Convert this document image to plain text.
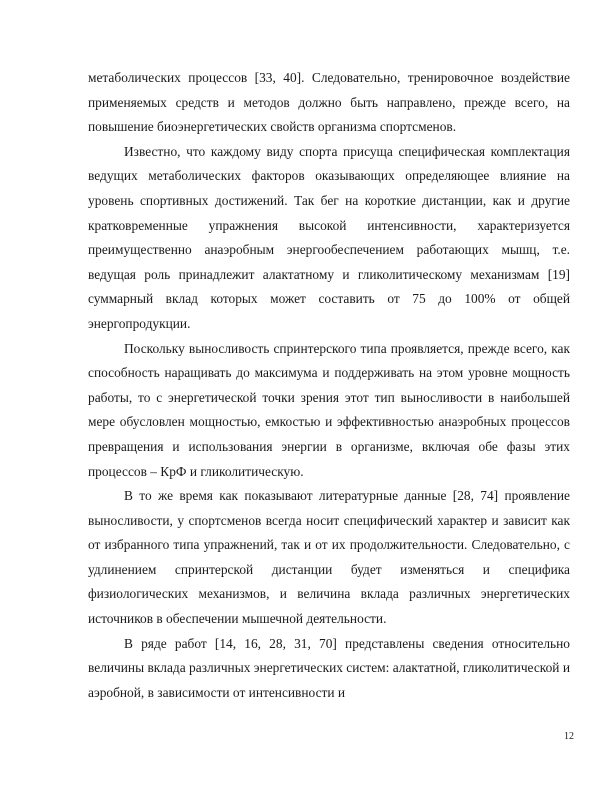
метаболических процессов [33, 40]. Следовательно, тренировочное воздействие применяемых средств и методов должно быть направлено, прежде всего, на повышение биоэнергетических свойств организма спортсменов.

Известно, что каждому виду спорта присуща специфическая комплектация ведущих метаболических факторов оказывающих определяющее влияние на уровень спортивных достижений. Так бег на короткие дистанции, как и другие кратковременные упражнения высокой интенсивности, характеризуется преимущественно анаэробным энергообеспечением работающих мышц, т.е. ведущая роль принадлежит алактатному и гликолитическому механизмам [19] суммарный вклад которых может составить от 75 до 100% от общей энергопродукции.

Поскольку выносливость спринтерского типа проявляется, прежде всего, как способность наращивать до максимума и поддерживать на этом уровне мощность работы, то с энергетической точки зрения этот тип выносливости в наибольшей мере обусловлен мощностью, емкостью и эффективностью анаэробных процессов превращения и использования энергии в организме, включая обе фазы этих процессов – КрФ и гликолитическую.

В то же время как показывают литературные данные [28, 74] проявление выносливости, у спортсменов всегда носит специфический характер и зависит как от избранного типа упражнений, так и от их продолжительности. Следовательно, с удлинением спринтерской дистанции будет изменяться и специфика физиологических механизмов, и величина вклада различных энергетических источников в обеспечении мышечной деятельности.

В ряде работ [14, 16, 28, 31, 70] представлены сведения относительно величины вклада различных энергетических систем: алактатной, гликолитической и аэробной, в зависимости от интенсивности и

12
